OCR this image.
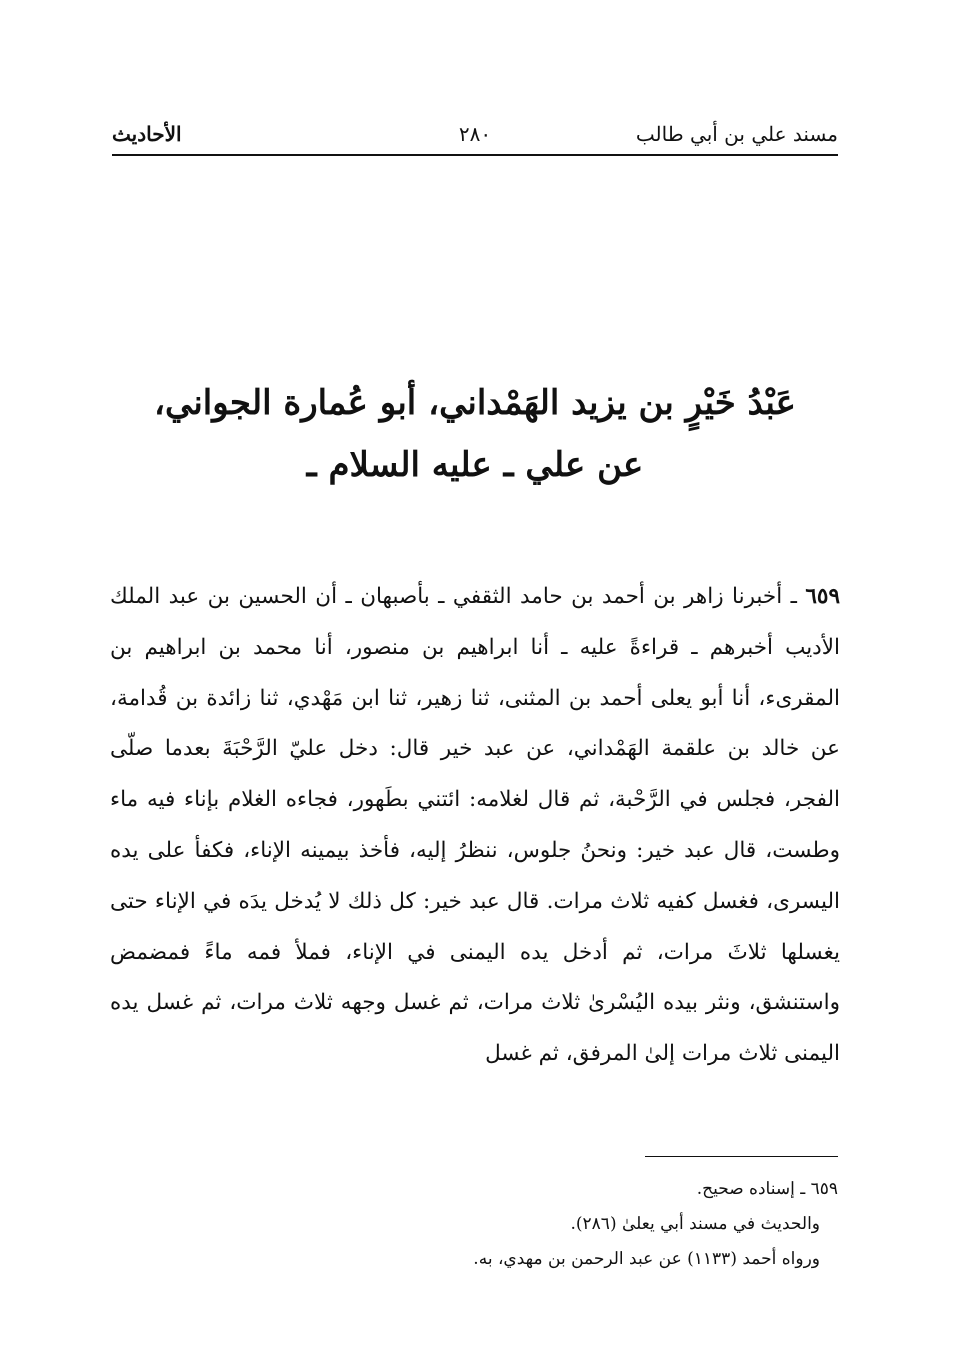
مسند علي بن أبي طالب
٢٨٠
الأحاديث
عَبْدُ خَيْرٍ بن يزيد الهَمْداني، أبو عُمارة الجواني،
عن علي ـ عليه السلام ـ
٦٥٩ ـ أخبرنا زاهر بن أحمد بن حامد الثقفي ـ بأصبهان ـ أن الحسين بن عبد الملك الأديب أخبرهم ـ قراءةً عليه ـ أنا ابراهيم بن منصور، أنا محمد بن ابراهيم بن المقرىء، أنا أبو يعلى أحمد بن المثنى، ثنا زهير، ثنا ابن مَهْدي، ثنا زائدة بن قُدامة، عن خالد بن علقمة الهَمْداني، عن عبد خير قال: دخل عليّ الرَّحْبَةَ بعدما صلّى الفجر، فجلس في الرَّحْبة، ثم قال لغلامه: ائتني بطَهور، فجاءه الغلام بإناء فيه ماء وطست، قال عبد خير: ونحنُ جلوس، ننظرُ إليه، فأخذ بيمينه الإناء، فكفأ على يده اليسرى، فغسل كفيه ثلاث مرات. قال عبد خير: كل ذلك لا يُدخل يدَه في الإناء حتى يغسلها ثلاثَ مرات، ثم أدخل يده اليمنى في الإناء، فملأ فمه ماءً فمضمض واستنشق، ونثر بيده اليُسْرىٰ ثلاث مرات، ثم غسل وجهه ثلاث مرات، ثم غسل يده اليمنى ثلاث مرات إلىٰ المرفق، ثم غسل
٦٥٩ ـ إسناده صحيح.
والحديث في مسند أبي يعلىٰ (٢٨٦).
ورواه أحمد (١١٣٣) عن عبد الرحمن بن مهدي، به.
